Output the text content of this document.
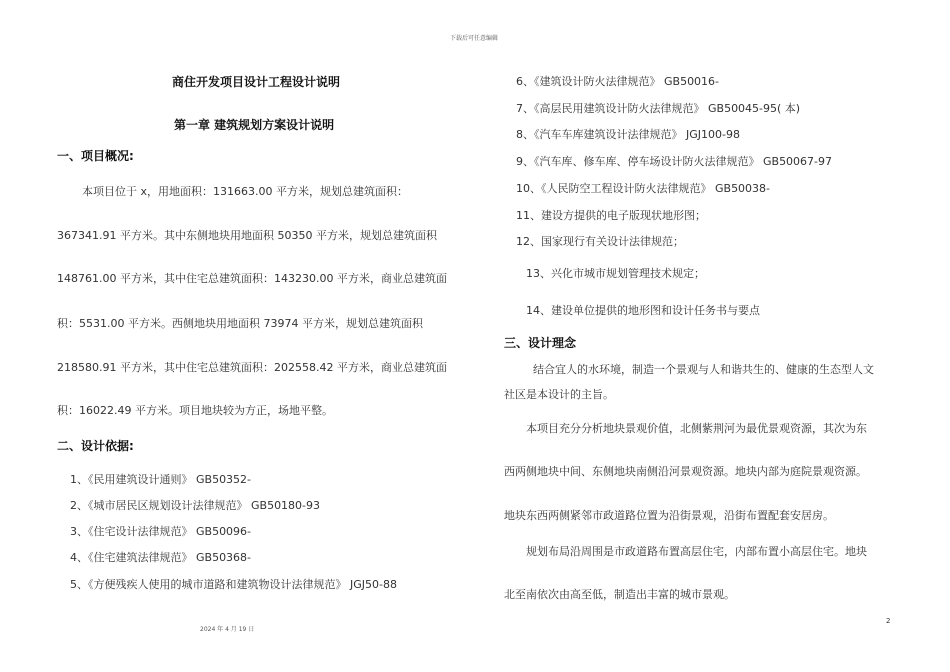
下载后可任意编辑

商住开发项目设计工程设计说明

第一章 建筑规划方案设计说明

一、项目概况:

本项目位于 x，用地面积：131663.00 平方米，规划总建筑面积：

367341.91 平方米。其中东侧地块用地面积 50350 平方米，规划总建筑面积

148761.00 平方米，其中住宅总建筑面积：143230.00 平方米，商业总建筑面

积：5531.00 平方米。西侧地块用地面积 73974 平方米，规划总建筑面积

218580.91 平方米，其中住宅总建筑面积：202558.42 平方米，商业总建筑面

积：16022.49 平方米。项目地块较为方正，场地平整。

二、设计依据:

1、《民用建筑设计通则》 GB50352-

2、《城市居民区规划设计法律规范》 GB50180-93

3、《住宅设计法律规范》 GB50096-

4、《住宅建筑法律规范》 GB50368-

5、《方便残疾人使用的城市道路和建筑物设计法律规范》 JGJ50-88

6、《建筑设计防火法律规范》 GB50016-

7、《高层民用建筑设计防火法律规范》 GB50045-95( 本)

8、《汽车车库建筑设计法律规范》 JGJ100-98

9、《汽车库、修车库、停车场设计防火法律规范》 GB50067-97

10、《人民防空工程设计防火法律规范》 GB50038-

11、建设方提供的电子版现状地形图；

12、国家现行有关设计法律规范；

13、兴化市城市规划管理技术规定；

14、建设单位提供的地形图和设计任务书与要点

三、设计理念

结合宜人的水环境，制造一个景观与人和谐共生的、健康的生态型人文

社区是本设计的主旨。

本项目充分分析地块景观价值，北侧紫荆河为最优景观资源，其次为东

西两侧地块中间、东侧地块南侧沿河景观资源。地块内部为庭院景观资源。

地块东西两侧紧邻市政道路位置为沿街景观，沿街布置配套安居房。

规划布局沿周围是市政道路布置高层住宅，内部布置小高层住宅。地块

北至南依次由高至低，制造出丰富的城市景观。

2024 年 4 月 19 日

2
